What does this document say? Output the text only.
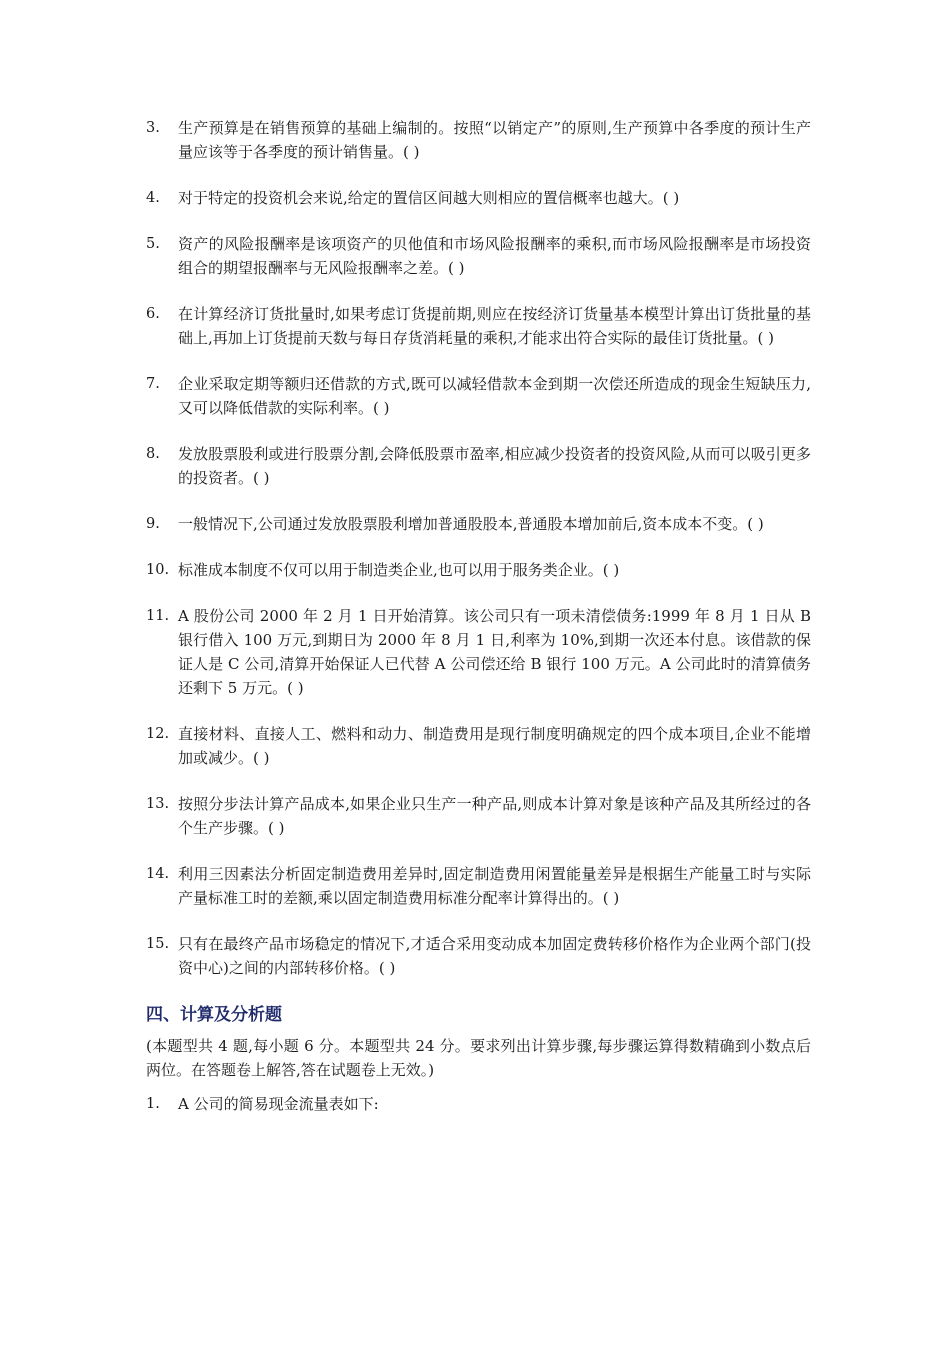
3.	生产预算是在销售预算的基础上编制的。按照“以销定产”的原则,生产预算中各季度的预计生产量应该等于各季度的预计销售量。( )
4.	对于特定的投资机会来说,给定的置信区间越大则相应的置信概率也越大。( )
5.	资产的风险报酬率是该项资产的贝他值和市场风险报酬率的乘积,而市场风险报酬率是市场投资组合的期望报酬率与无风险报酬率之差。( )
6.	在计算经济订货批量时,如果考虑订货提前期,则应在按经济订货量基本模型计算出订货批量的基础上,再加上订货提前天数与每日存货消耗量的乘积,才能求出符合实际的最佳订货批量。( )
7.	企业采取定期等额归还借款的方式,既可以减轻借款本金到期一次偿还所造成的现金生短缺压力,又可以降低借款的实际利率。( )
8.	发放股票股利或进行股票分割,会降低股票市盈率,相应减少投资者的投资风险,从而可以吸引更多的投资者。( )
9.	一般情况下,公司通过发放股票股利增加普通股股本,普通股本增加前后,资本成本不变。( )
10. 标准成本制度不仅可以用于制造类企业,也可以用于服务类企业。( )
11. A 股份公司 2000 年 2 月 1 日开始清算。该公司只有一项未清偿债务:1999 年 8 月 1 日从 B 银行借入 100 万元,到期日为 2000 年 8 月 1 日,利率为 10%,到期一次还本付息。该借款的保证人是 C 公司,清算开始保证人已代替 A 公司偿还给 B 银行 100 万元。A 公司此时的清算债务还剩下 5 万元。( )
12. 直接材料、直接人工、燃料和动力、制造费用是现行制度明确规定的四个成本项目,企业不能增加或减少。( )
13. 按照分步法计算产品成本,如果企业只生产一种产品,则成本计算对象是该种产品及其所经过的各个生产步骤。( )
14. 利用三因素法分析固定制造费用差异时,固定制造费用闲置能量差异是根据生产能量工时与实际产量标准工时的差额,乘以固定制造费用标准分配率计算得出的。( )
15. 只有在最终产品市场稳定的情况下,才适合采用变动成本加固定费转移价格作为企业两个部门(投资中心)之间的内部转移价格。( )
四、计算及分析题

(本题型共 4 题,每小题 6 分。本题型共 24 分。要求列出计算步骤,每步骤运算得数精确到小数点后两位。在答题卷上解答,答在试题卷上无效。)

1.	A 公司的简易现金流量表如下:
